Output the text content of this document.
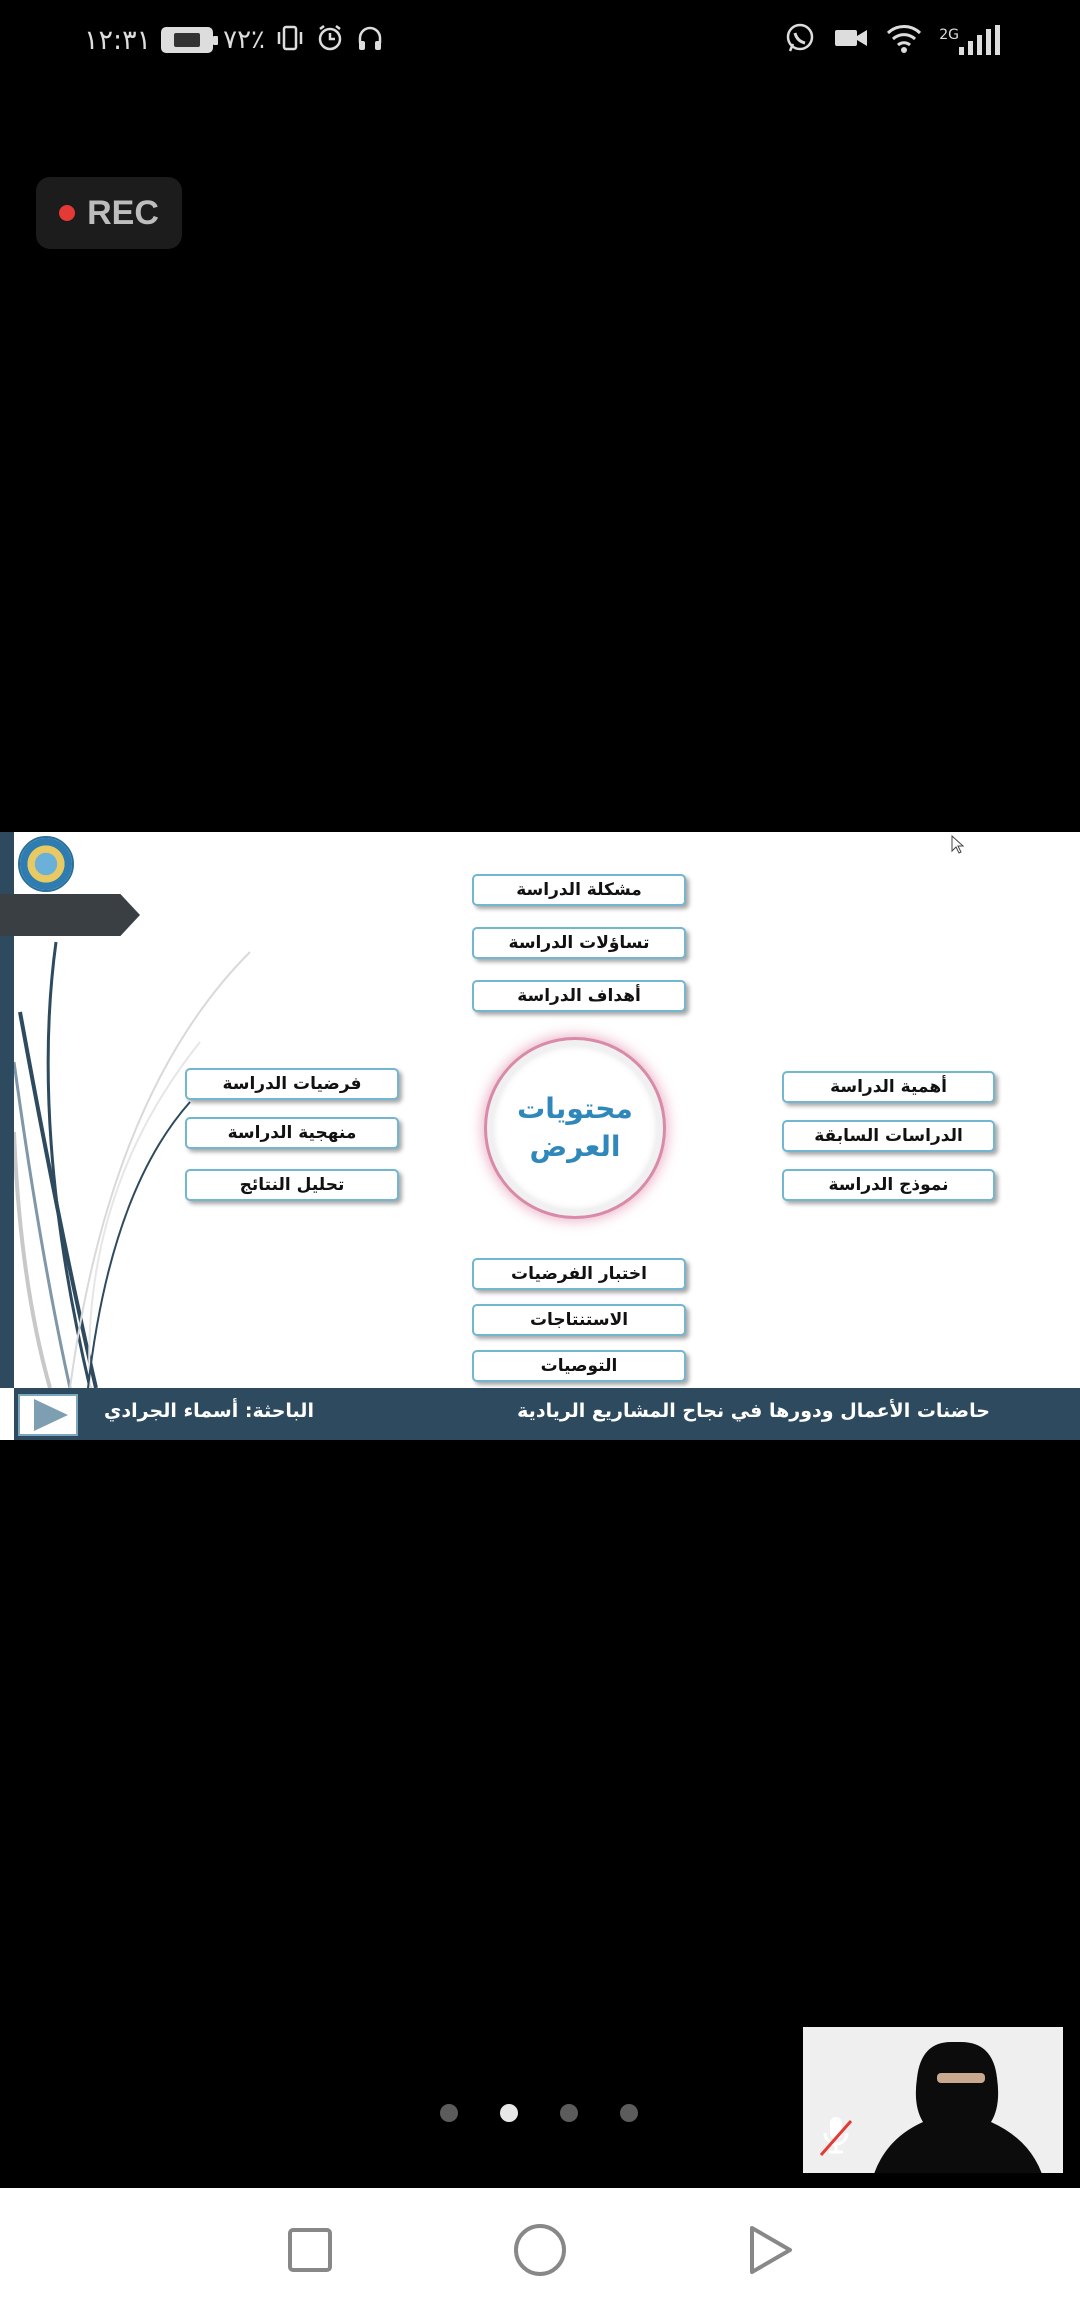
١٢:٣١	٧٢٪	2G
REC
مشكلة الدراسة
تساؤلات الدراسة
أهداف الدراسة
أهمية الدراسة
الدراسات السابقة
نموذج الدراسة
فرضيات الدراسة
منهجية الدراسة
تحليل النتائج
محتويات
العرض
اختبار الفرضيات
الاستنتاجات
التوصيات
الباحثة: أسماء الجرادي	حاضنات الأعمال ودورها في نجاح المشاريع الريادية
